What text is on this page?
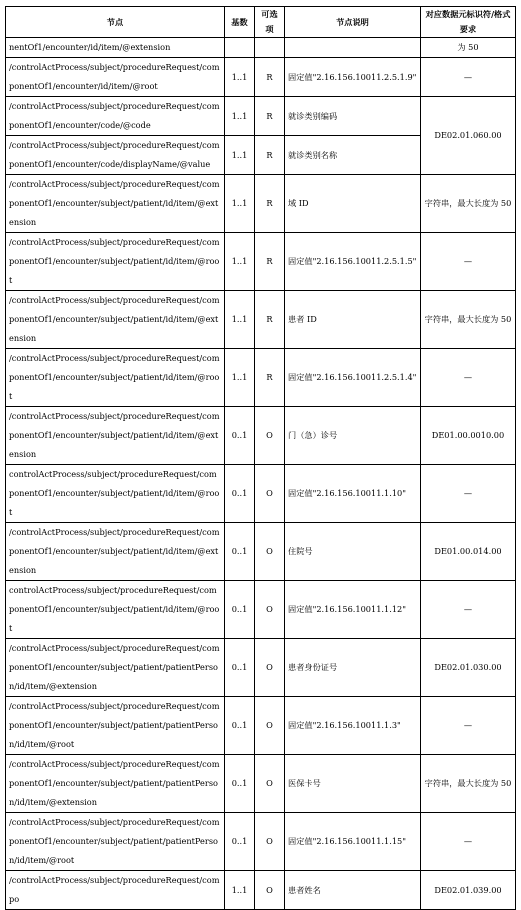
节点	基数	可选项	节点说明	对应数据元标识符/格式要求
nentOf1/encounter/id/item/@extension				为 50
/controlActProcess/subject/procedureRequest/componentOf1/encounter/id/item/@root	1..1	R	固定值"2.16.156.10011.2.5.1.9"	—
/controlActProcess/subject/procedureRequest/componentOf1/encounter/code/@code	1..1	R	就诊类别编码	DE02.01.060.00
/controlActProcess/subject/procedureRequest/componentOf1/encounter/code/displayName/@value	1..1	R	就诊类别名称	
/controlActProcess/subject/procedureRequest/componentOf1/encounter/subject/patient/id/item/@extension	1..1	R	域 ID	字符串，最大长度为 50
/controlActProcess/subject/procedureRequest/componentOf1/encounter/subject/patient/id/item/@root	1..1	R	固定值"2.16.156.10011.2.5.1.5"	—
/controlActProcess/subject/procedureRequest/componentOf1/encounter/subject/patient/id/item/@extension	1..1	R	患者 ID	字符串，最大长度为 50
/controlActProcess/subject/procedureRequest/componentOf1/encounter/subject/patient/id/item/@root	1..1	R	固定值"2.16.156.10011.2.5.1.4"	—
/controlActProcess/subject/procedureRequest/componentOf1/encounter/subject/patient/id/item/@extension	0..1	O	门（急）诊号	DE01.00.0010.00
controlActProcess/subject/procedureRequest/componentOf1/encounter/subject/patient/id/item/@root	0..1	O	固定值"2.16.156.10011.1.10"	—
/controlActProcess/subject/procedureRequest/componentOf1/encounter/subject/patient/id/item/@extension	0..1	O	住院号	DE01.00.014.00
controlActProcess/subject/procedureRequest/componentOf1/encounter/subject/patient/id/item/@root	0..1	O	固定值"2.16.156.10011.1.12"	—
/controlActProcess/subject/procedureRequest/componentOf1/encounter/subject/patient/patientPerson/id/item/@extension	0..1	O	患者身份证号	DE02.01.030.00
/controlActProcess/subject/procedureRequest/componentOf1/encounter/subject/patient/patientPerson/id/item/@root	0..1	O	固定值"2.16.156.10011.1.3"	—
/controlActProcess/subject/procedureRequest/componentOf1/encounter/subject/patient/patientPerson/id/item/@extension	0..1	O	医保卡号	字符串，最大长度为 50
/controlActProcess/subject/procedureRequest/componentOf1/encounter/subject/patient/patientPerson/id/item/@root	0..1	O	固定值"2.16.156.10011.1.15"	—
/controlActProcess/subject/procedureRequest/compo	1..1	O	患者姓名	DE02.01.039.00
